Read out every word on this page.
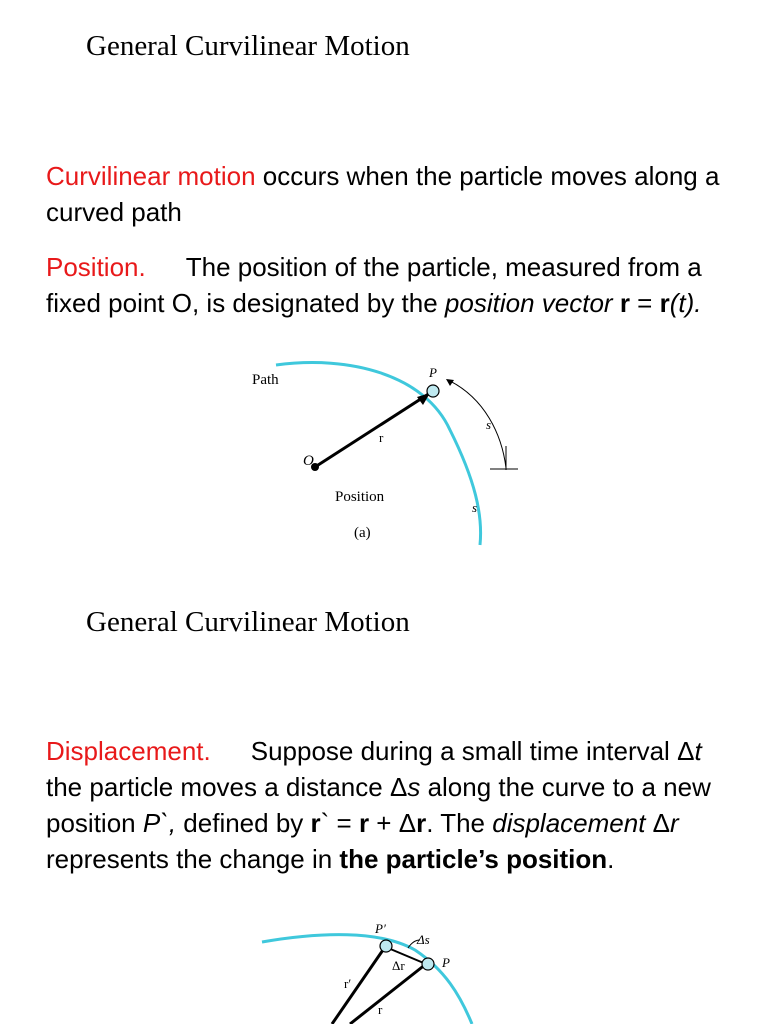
General Curvilinear Motion
Curvilinear motion occurs when the particle moves along a curved path
Position. The position of the particle, measured from a fixed point O, is designated by the position vector r = r(t).
Path	P
s
r
O
s
Position
(a)
General Curvilinear Motion
Displacement. Suppose during a small time interval Δt the particle moves a distance Δs along the curve to a new position P`, defined by r` = r + Δr. The displacement Δr represents the change in the particle’s position.
P′
Δs
Δr	P
r′
r
